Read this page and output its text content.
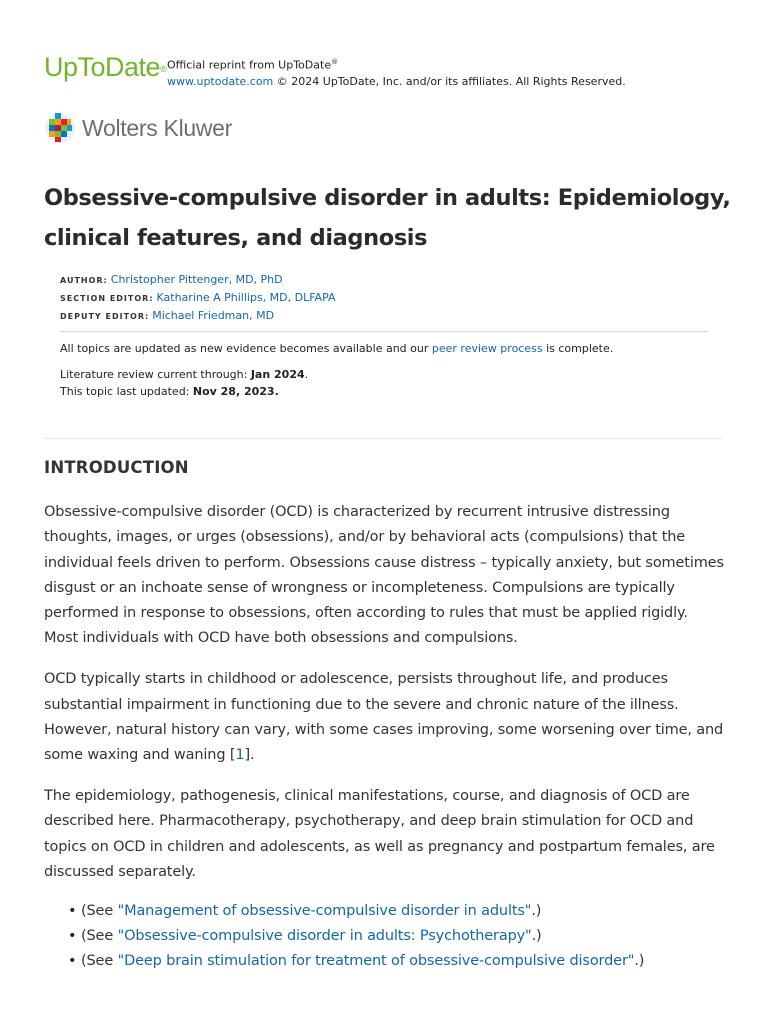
UpToDate® Official reprint from UpToDate®
www.uptodate.com © 2024 UpToDate, Inc. and/or its affiliates. All Rights Reserved.
Wolters Kluwer
Obsessive-compulsive disorder in adults: Epidemiology, clinical features, and diagnosis
AUTHOR: Christopher Pittenger, MD, PhD
SECTION EDITOR: Katharine A Phillips, MD, DLFAPA
DEPUTY EDITOR: Michael Friedman, MD
All topics are updated as new evidence becomes available and our peer review process is complete.
Literature review current through: Jan 2024.
This topic last updated: Nov 28, 2023.
INTRODUCTION

Obsessive-compulsive disorder (OCD) is characterized by recurrent intrusive distressing thoughts, images, or urges (obsessions), and/or by behavioral acts (compulsions) that the individual feels driven to perform. Obsessions cause distress – typically anxiety, but sometimes disgust or an inchoate sense of wrongness or incompleteness. Compulsions are typically performed in response to obsessions, often according to rules that must be applied rigidly. Most individuals with OCD have both obsessions and compulsions.

OCD typically starts in childhood or adolescence, persists throughout life, and produces substantial impairment in functioning due to the severe and chronic nature of the illness. However, natural history can vary, with some cases improving, some worsening over time, and some waxing and waning [1].

The epidemiology, pathogenesis, clinical manifestations, course, and diagnosis of OCD are described here. Pharmacotherapy, psychotherapy, and deep brain stimulation for OCD and topics on OCD in children and adolescents, as well as pregnancy and postpartum females, are discussed separately.

• (See "Management of obsessive-compulsive disorder in adults".)
• (See "Obsessive-compulsive disorder in adults: Psychotherapy".)
• (See "Deep brain stimulation for treatment of obsessive-compulsive disorder".)
